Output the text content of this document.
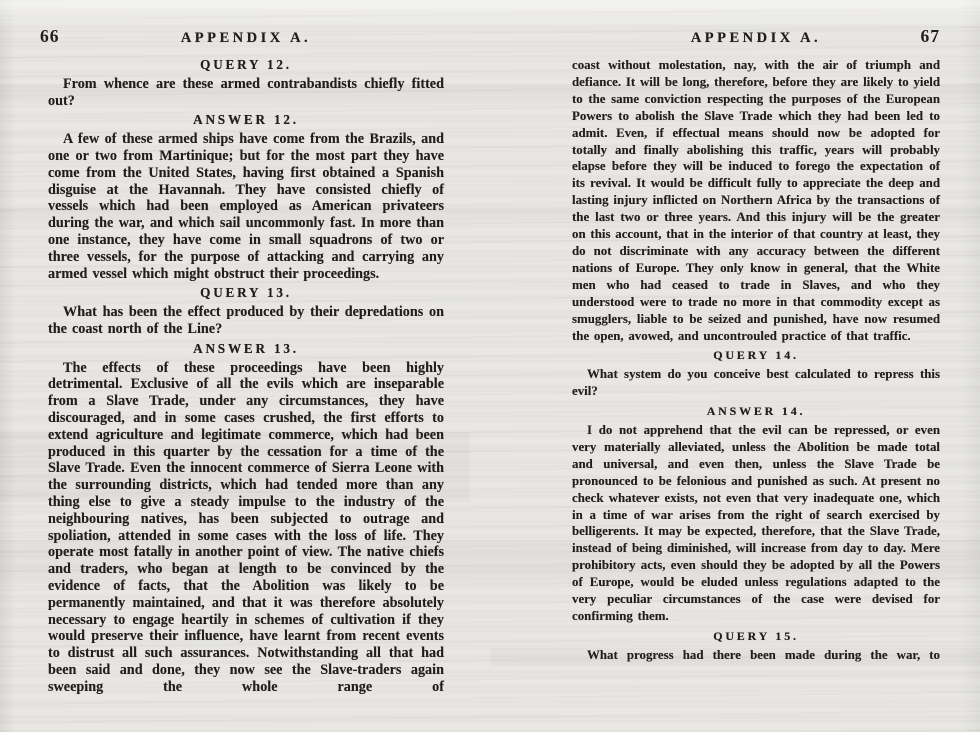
66	APPENDIX A.
QUERY 12.

From whence are these armed contrabandists chiefly fitted out?

ANSWER 12.

A few of these armed ships have come from the Brazils, and one or two from Martinique; but for the most part they have come from the United States, having first obtained a Spanish disguise at the Havannah. They have consisted chiefly of vessels which had been employed as American privateers during the war, and which sail uncommonly fast. In more than one instance, they have come in small squadrons of two or three vessels, for the purpose of attacking and carrying any armed vessel which might obstruct their proceedings.

QUERY 13.

What has been the effect produced by their depredations on the coast north of the Line?

ANSWER 13.

The effects of these proceedings have been highly detrimental. Exclusive of all the evils which are inseparable from a Slave Trade, under any circumstances, they have discouraged, and in some cases crushed, the first efforts to extend agriculture and legitimate commerce, which had been produced in this quarter by the cessation for a time of the Slave Trade. Even the innocent commerce of Sierra Leone with the surrounding districts, which had tended more than any thing else to give a steady impulse to the industry of the neighbouring natives, has been subjected to outrage and spoliation, attended in some cases with the loss of life. They operate most fatally in another point of view. The native chiefs and traders, who began at length to be convinced by the evidence of facts, that the Abolition was likely to be permanently maintained, and that it was therefore absolutely necessary to engage heartily in schemes of cultivation if they would preserve their influence, have learnt from recent events to distrust all such assurances. Notwithstanding all that had been said and done, they now see the Slave-traders again sweeping the whole range of

APPENDIX A.	67

coast without molestation, nay, with the air of triumph and defiance. It will be long, therefore, before they are likely to yield to the same conviction respecting the purposes of the European Powers to abolish the Slave Trade which they had been led to admit. Even, if effectual means should now be adopted for totally and finally abolishing this traffic, years will probably elapse before they will be induced to forego the expectation of its revival. It would be difficult fully to appreciate the deep and lasting injury inflicted on Northern Africa by the transactions of the last two or three years. And this injury will be the greater on this account, that in the interior of that country at least, they do not discriminate with any accuracy between the different nations of Europe. They only know in general, that the White men who had ceased to trade in Slaves, and who they understood were to trade no more in that commodity except as smugglers, liable to be seized and punished, have now resumed the open, avowed, and uncontrouled practice of that traffic.

QUERY 14.

What system do you conceive best calculated to repress this evil?

ANSWER 14.

I do not apprehend that the evil can be repressed, or even very materially alleviated, unless the Abolition be made total and universal, and even then, unless the Slave Trade be pronounced to be felonious and punished as such. At present no check whatever exists, not even that very inadequate one, which in a time of war arises from the right of search exercised by belligerents. It may be expected, therefore, that the Slave Trade, instead of being diminished, will increase from day to day. Mere prohibitory acts, even should they be adopted by all the Powers of Europe, would be eluded unless regulations adapted to the very peculiar circumstances of the case were devised for confirming them.

QUERY 15.

What progress had there been made during the war, to
